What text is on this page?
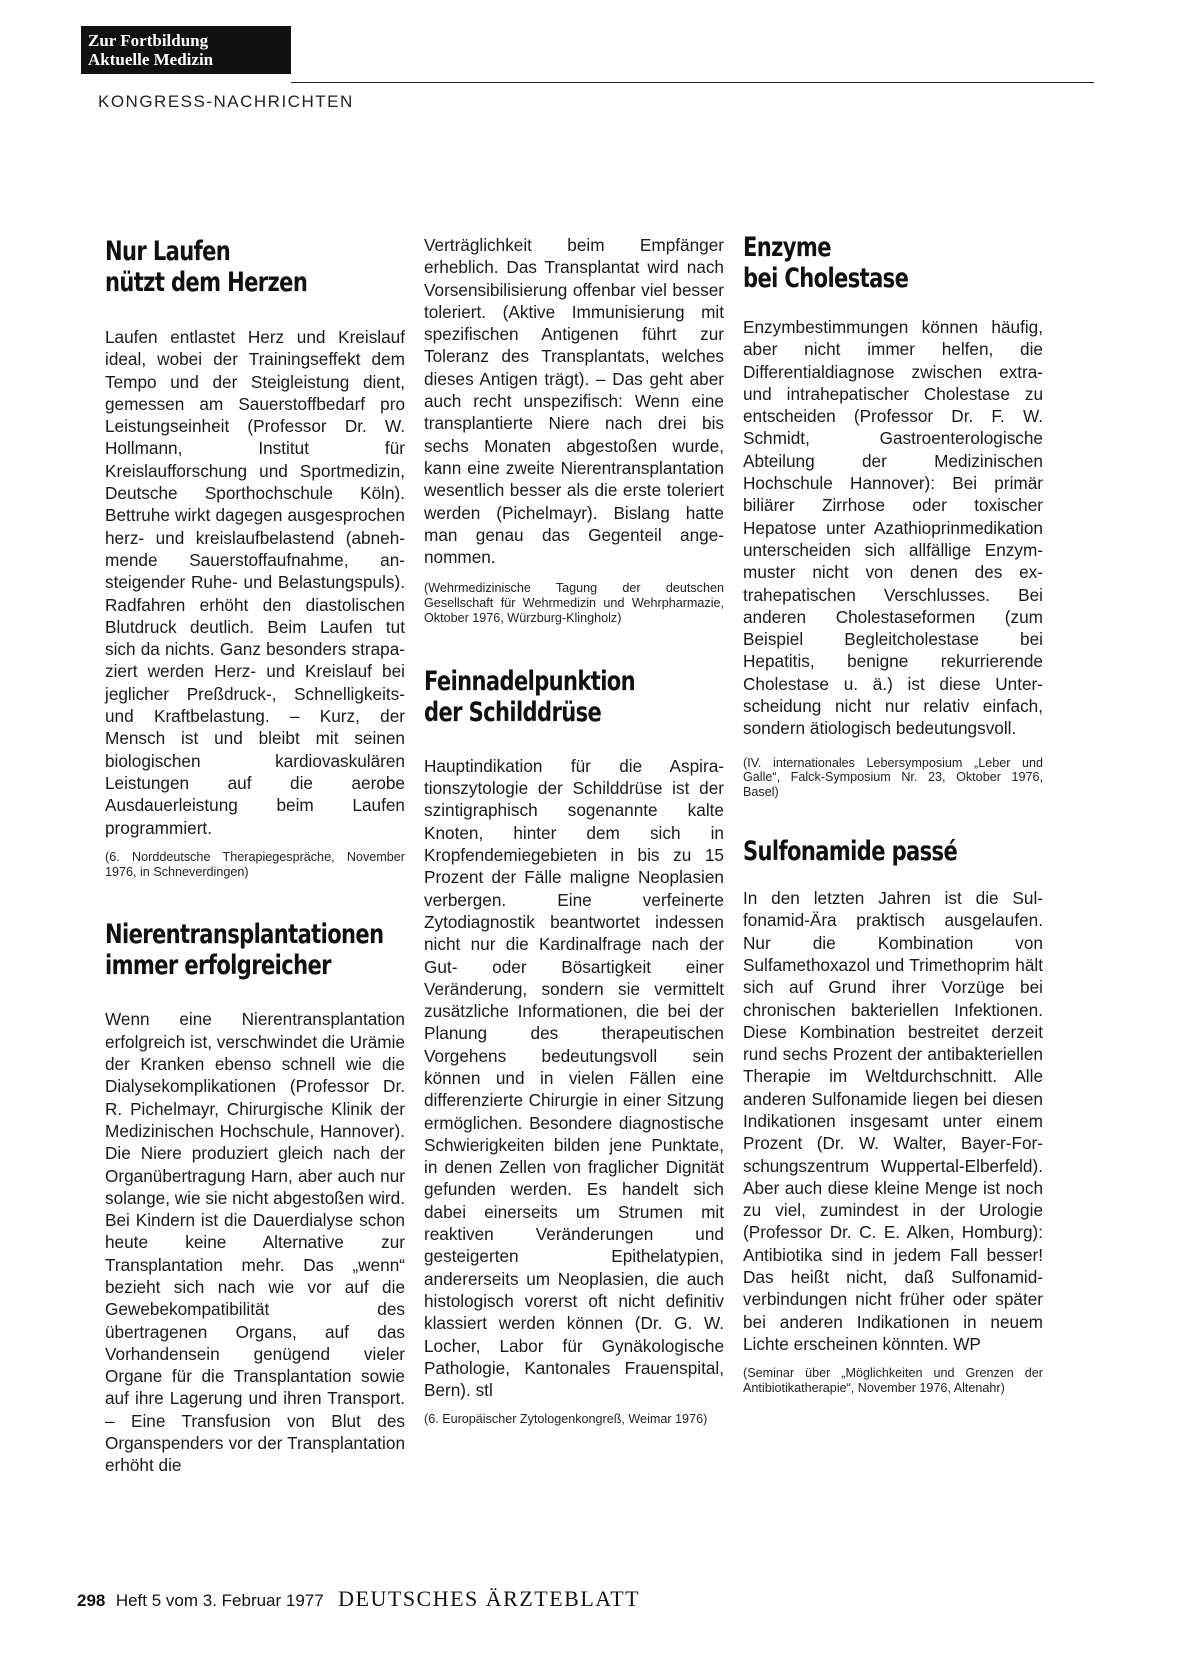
Zur Fortbildung
Aktuelle Medizin
KONGRESS-NACHRICHTEN
Nur Laufen
nützt dem Herzen

Laufen entlastet Herz und Kreislauf ideal, wobei der Trainingseffekt dem Tempo und der Steigleistung dient, gemessen am Sauerstoffbedarf pro Leistungseinheit (Professor Dr. W. Hollmann, Institut für Kreislaufforschung und Sportmedizin, Deutsche Sporthochschule Köln). Bettruhe wirkt dagegen ausgesprochen herz- und kreislaufbelastend (abnehmende Sauerstoffaufnahme, ansteigender Ruhe- und Belastungspuls). Radfahren erhöht den diastolischen Blutdruck deutlich. Beim Laufen tut sich da nichts. Ganz besonders strapaziert werden Herz- und Kreislauf bei jeglicher Preßdruck-, Schnelligkeits- und Kraftbelastung. – Kurz, der Mensch ist und bleibt mit seinen biologischen kardiovaskulären Leistungen auf die aerobe Ausdauerleistung beim Laufen programmiert.

(6. Norddeutsche Therapiegespräche, November 1976, in Schneverdingen)

Nierentransplantationen
immer erfolgreicher

Wenn eine Nierentransplantation erfolgreich ist, verschwindet die Urämie der Kranken ebenso schnell wie die Dialysekomplikationen (Professor Dr. R. Pichelmayr, Chirurgische Klinik der Medizinischen Hochschule, Hannover). Die Niere produziert gleich nach der Organübertragung Harn, aber auch nur solange, wie sie nicht abgestoßen wird. Bei Kindern ist die Dauerdialyse schon heute keine Alternative zur Transplantation mehr. Das „wenn“ bezieht sich nach wie vor auf die Gewebekompatibilität des übertragenen Organs, auf das Vorhandensein genügend vieler Organe für die Transplantation sowie auf ihre Lagerung und ihren Transport. – Eine Transfusion von Blut des Organspenders vor der Transplantation erhöht die

Verträglichkeit beim Empfänger erheblich. Das Transplantat wird nach Vorsensibilisierung offenbar viel besser toleriert. (Aktive Immunisierung mit spezifischen Antigenen führt zur Toleranz des Transplantats, welches dieses Antigen trägt). – Das geht aber auch recht unspezifisch: Wenn eine transplantierte Niere nach drei bis sechs Monaten abgestoßen wurde, kann eine zweite Nierentransplantation wesentlich besser als die erste toleriert werden (Pichelmayr). Bislang hatte man genau das Gegenteil angenommen.

(Wehrmedizinische Tagung der deutschen Gesellschaft für Wehrmedizin und Wehrpharmazie, Oktober 1976, Würzburg-Klingholz)

Feinnadelpunktion
der Schilddrüse

Hauptindikation für die Aspirationszytologie der Schilddrüse ist der szintigraphisch sogenannte kalte Knoten, hinter dem sich in Kropfendemiegebieten in bis zu 15 Prozent der Fälle maligne Neoplasien verbergen. Eine verfeinerte Zytodiagnostik beantwortet indessen nicht nur die Kardinalfrage nach der Gut- oder Bösartigkeit einer Veränderung, sondern sie vermittelt zusätzliche Informationen, die bei der Planung des therapeutischen Vorgehens bedeutungsvoll sein können und in vielen Fällen eine differenzierte Chirurgie in einer Sitzung ermöglichen. Besondere diagnostische Schwierigkeiten bilden jene Punktate, in denen Zellen von fraglicher Dignität gefunden werden. Es handelt sich dabei einerseits um Strumen mit reaktiven Veränderungen und gesteigerten Epithelatypien, andererseits um Neoplasien, die auch histologisch vorerst oft nicht definitiv klassiert werden können (Dr. G. W. Locher, Labor für Gynäkologische Pathologie, Kantonales Frauenspital, Bern). stl

(6. Europäischer Zytologenkongreß, Weimar 1976)

Enzyme
bei Cholestase

Enzymbestimmungen können häufig, aber nicht immer helfen, die Differentialdiagnose zwischen extra- und intrahepatischer Cholestase zu entscheiden (Professor Dr. F. W. Schmidt, Gastroenterologische Abteilung der Medizinischen Hochschule Hannover): Bei primär biliärer Zirrhose oder toxischer Hepatose unter Azathioprinmedikation unterscheiden sich allfällige Enzymmuster nicht von denen des extrahepatischen Verschlusses. Bei anderen Cholestaseformen (zum Beispiel Begleitcholestase bei Hepatitis, benigne rekurrierende Cholestase u. ä.) ist diese Unterscheidung nicht nur relativ einfach, sondern ätiologisch bedeutungsvoll.

(IV. internationales Lebersymposium „Leber und Galle“, Falck-Symposium Nr. 23, Oktober 1976, Basel)

Sulfonamide passé

In den letzten Jahren ist die Sulfonamid-Ära praktisch ausgelaufen. Nur die Kombination von Sulfamethoxazol und Trimethoprim hält sich auf Grund ihrer Vorzüge bei chronischen bakteriellen Infektionen. Diese Kombination bestreitet derzeit rund sechs Prozent der antibakteriellen Therapie im Weltdurchschnitt. Alle anderen Sulfonamide liegen bei diesen Indikationen insgesamt unter einem Prozent (Dr. W. Walter, Bayer-Forschungszentrum Wuppertal-Elberfeld). Aber auch diese kleine Menge ist noch zu viel, zumindest in der Urologie (Professor Dr. C. E. Alken, Homburg): Antibiotika sind in jedem Fall besser! Das heißt nicht, daß Sulfonamidverbindungen nicht früher oder später bei anderen Indikationen in neuem Lichte erscheinen könnten. WP

(Seminar über „Möglichkeiten und Grenzen der Antibiotikatherapie“, November 1976, Altenahr)

298 Heft 5 vom 3. Februar 1977 DEUTSCHES ÄRZTEBLATT
